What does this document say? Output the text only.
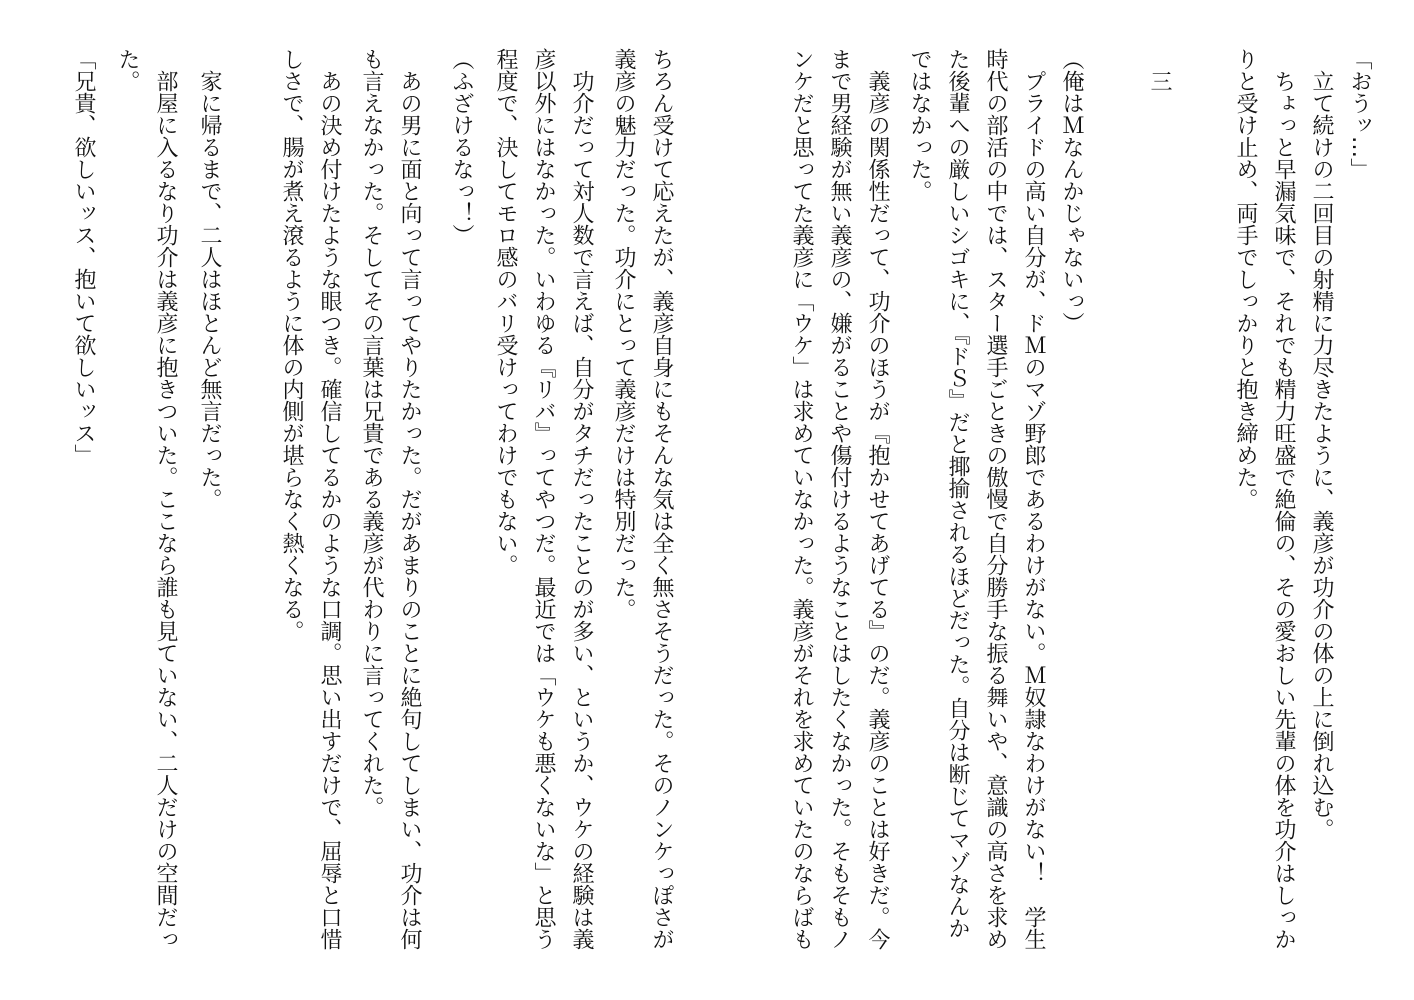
「おうッ…」
　立て続けの二回目の射精に力尽きたように、義彦が功介の体の上に倒れ込む。
　ちょっと早漏気味で、それでも精力旺盛で絶倫の、その愛おしい先輩の体を功介はしっか
りと受け止め、両手でしっかりと抱き締めた。
　三
（俺はＭなんかじゃないっ）
　プライドの高い自分が、ドＭのマゾ野郎であるわけがない。Ｍ奴隷なわけがない！　学生
時代の部活の中では、スター選手ごときの傲慢で自分勝手な振る舞いや、意識の高さを求め
た後輩への厳しいシゴキに、『ドＳ』だと揶揄されるほどだった。自分は断じてマゾなんか
ではなかった。
　義彦の関係性だって、功介のほうが『抱かせてあげてる』のだ。義彦のことは好きだ。今
まで男経験が無い義彦の、嫌がることや傷付けるようなことはしたくなかった。そもそもノ
ンケだと思ってた義彦に「ウケ」は求めていなかった。義彦がそれを求めていたのならばも
ちろん受けて応えたが、義彦自身にもそんな気は全く無さそうだった。そのノンケっぽさが
義彦の魅力だった。功介にとって義彦だけは特別だった。
　功介だって対人数で言えば、自分がタチだったことのが多い、というか、ウケの経験は義
彦以外にはなかった。いわゆる『リバ』ってやつだ。最近では「ウケも悪くないな」と思う
程度で、決してモロ感のバリ受けってわけでもない。
（ふざけるなっ！）
　あの男に面と向って言ってやりたかった。だがあまりのことに絶句してしまい、功介は何
も言えなかった。そしてその言葉は兄貴である義彦が代わりに言ってくれた。
　あの決め付けたような眼つき。確信してるかのような口調。思い出すだけで、屈辱と口惜
しさで、腸が煮え滾るように体の内側が堪らなく熱くなる。
　家に帰るまで、二人はほとんど無言だった。
　部屋に入るなり功介は義彦に抱きついた。ここなら誰も見ていない、二人だけの空間だっ
た。
「兄貴、欲しいッス、抱いて欲しいッス」
